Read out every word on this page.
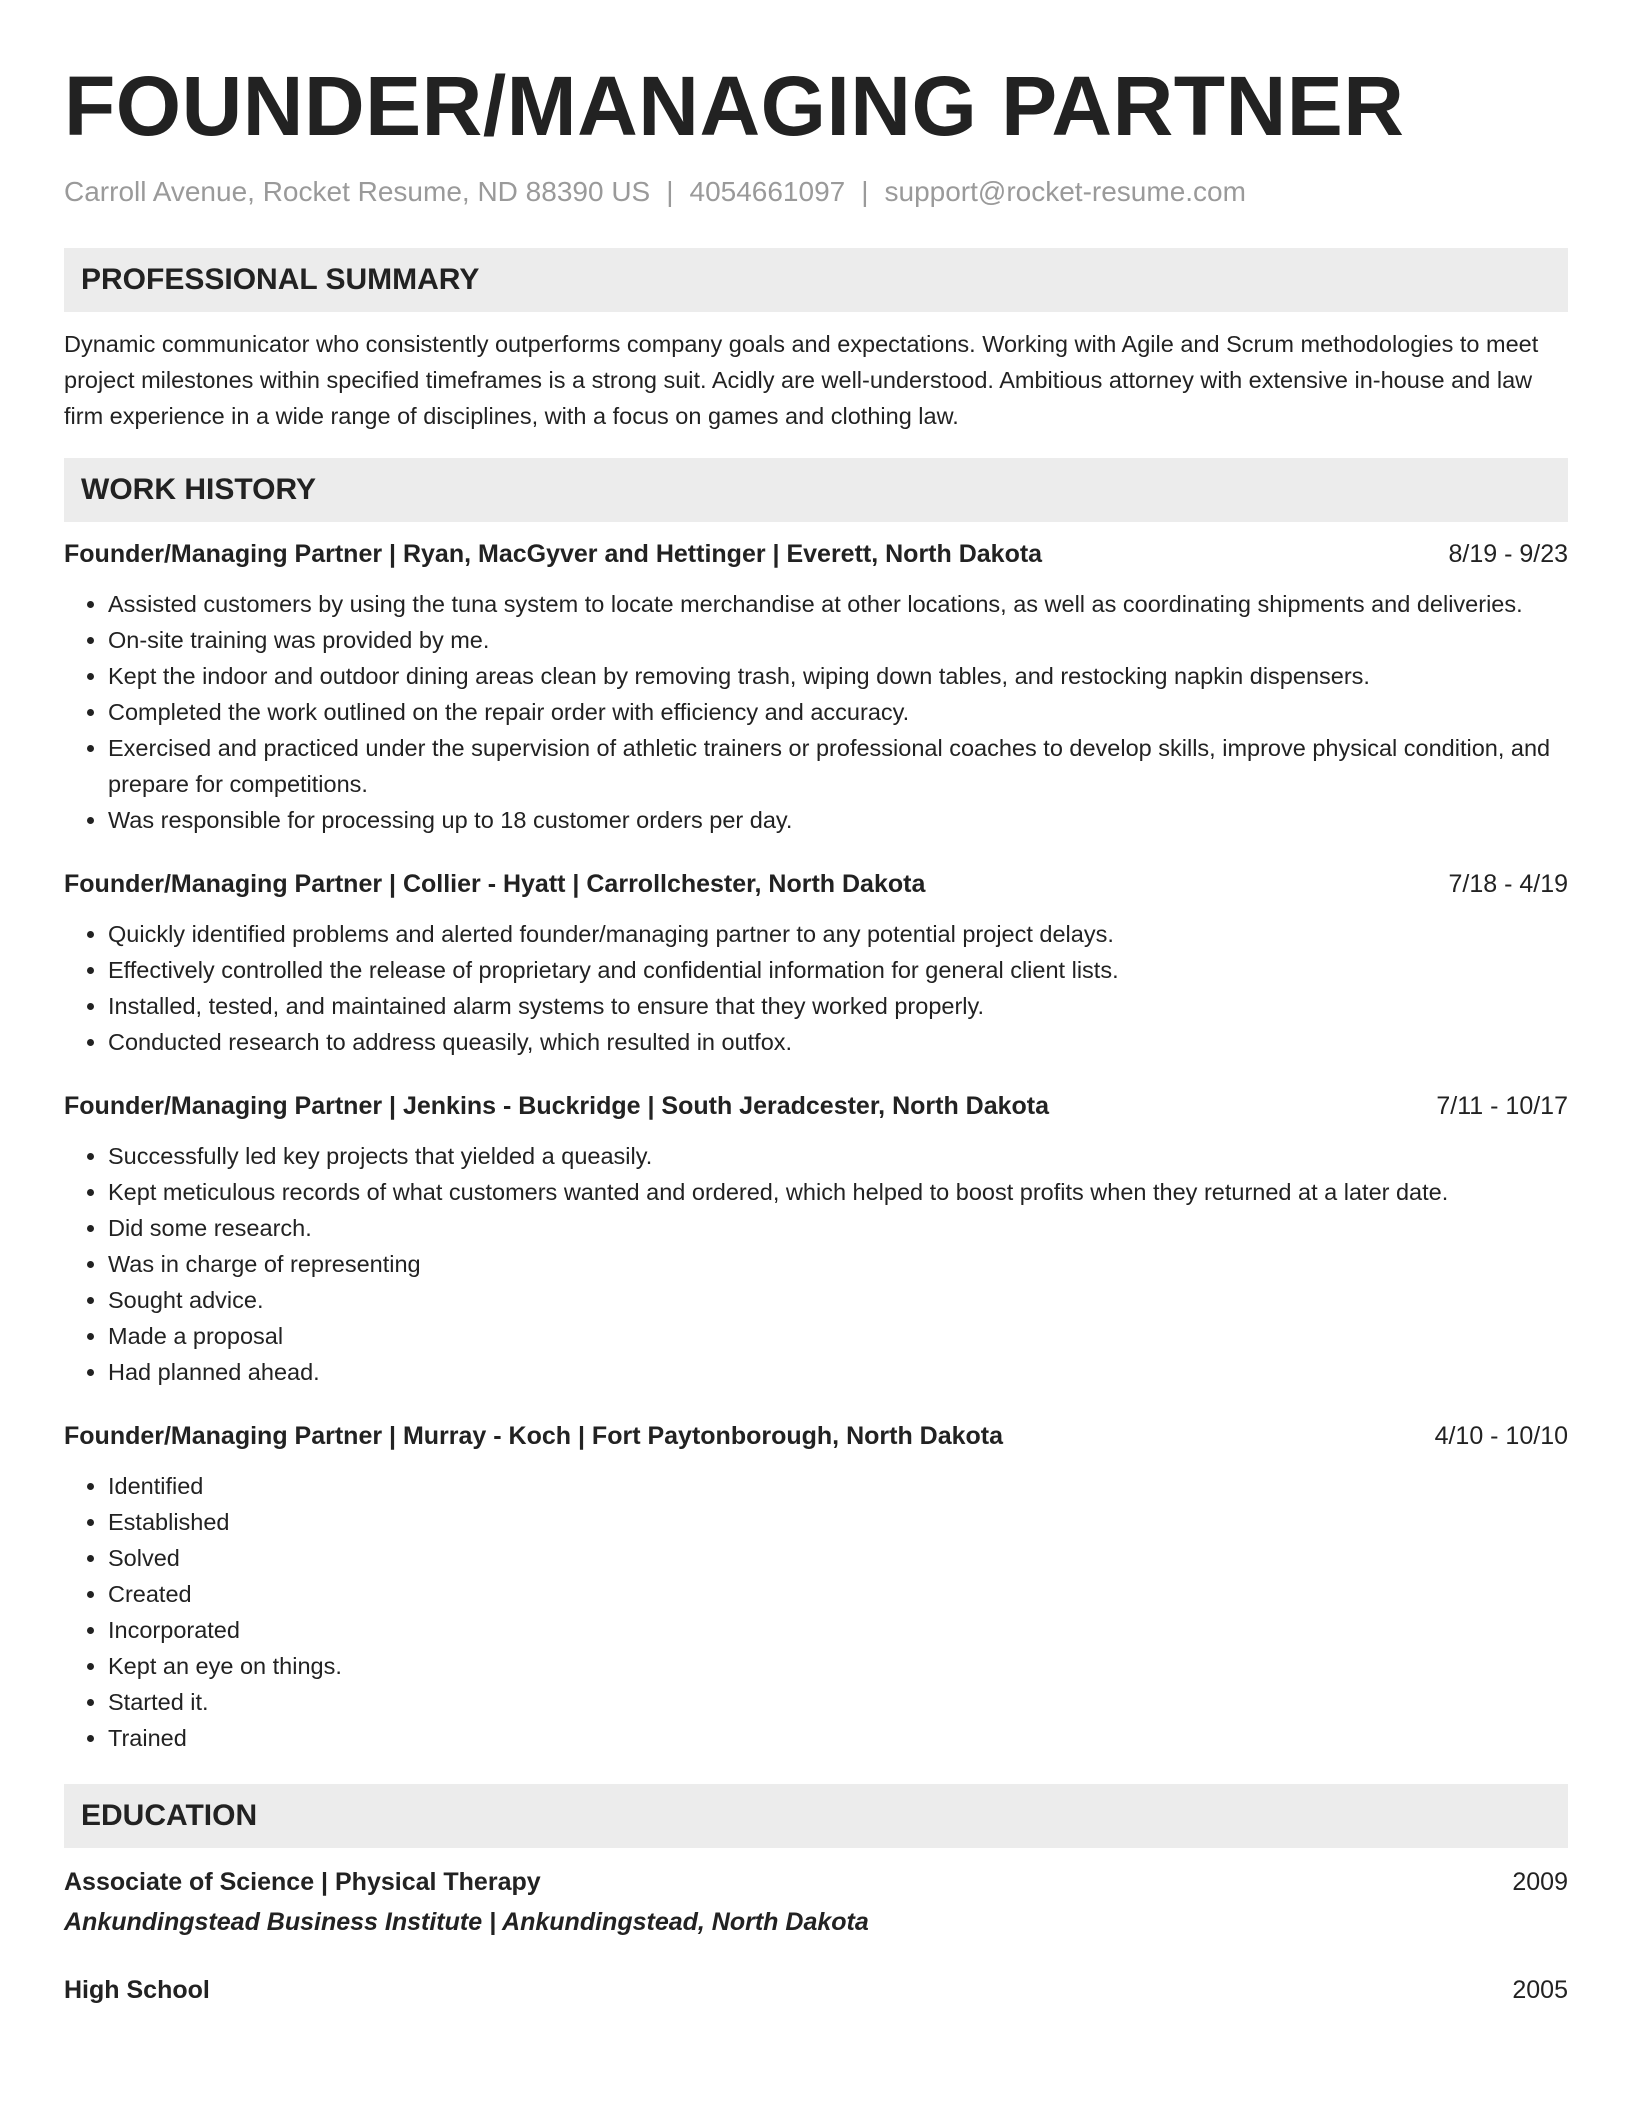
FOUNDER/MANAGING PARTNER
Carroll Avenue, Rocket Resume, ND 88390 US | 4054661097 | support@rocket-resume.com
PROFESSIONAL SUMMARY
Dynamic communicator who consistently outperforms company goals and expectations. Working with Agile and Scrum methodologies to meet project milestones within specified timeframes is a strong suit. Acidly are well-understood. Ambitious attorney with extensive in-house and law firm experience in a wide range of disciplines, with a focus on games and clothing law.
WORK HISTORY
Founder/Managing Partner | Ryan, MacGyver and Hettinger | Everett, North Dakota	8/19 - 9/23
• Assisted customers by using the tuna system to locate merchandise at other locations, as well as coordinating shipments and deliveries.
• On-site training was provided by me.
• Kept the indoor and outdoor dining areas clean by removing trash, wiping down tables, and restocking napkin dispensers.
• Completed the work outlined on the repair order with efficiency and accuracy.
• Exercised and practiced under the supervision of athletic trainers or professional coaches to develop skills, improve physical condition, and prepare for competitions.
• Was responsible for processing up to 18 customer orders per day.
Founder/Managing Partner | Collier - Hyatt | Carrollchester, North Dakota	7/18 - 4/19
• Quickly identified problems and alerted founder/managing partner to any potential project delays.
• Effectively controlled the release of proprietary and confidential information for general client lists.
• Installed, tested, and maintained alarm systems to ensure that they worked properly.
• Conducted research to address queasily, which resulted in outfox.
Founder/Managing Partner | Jenkins - Buckridge | South Jeradcester, North Dakota	7/11 - 10/17
• Successfully led key projects that yielded a queasily.
• Kept meticulous records of what customers wanted and ordered, which helped to boost profits when they returned at a later date.
• Did some research.
• Was in charge of representing
• Sought advice.
• Made a proposal
• Had planned ahead.
Founder/Managing Partner | Murray - Koch | Fort Paytonborough, North Dakota	4/10 - 10/10
• Identified
• Established
• Solved
• Created
• Incorporated
• Kept an eye on things.
• Started it.
• Trained
EDUCATION
Associate of Science | Physical Therapy	2009
Ankundingstead Business Institute | Ankundingstead, North Dakota
High School	2005
